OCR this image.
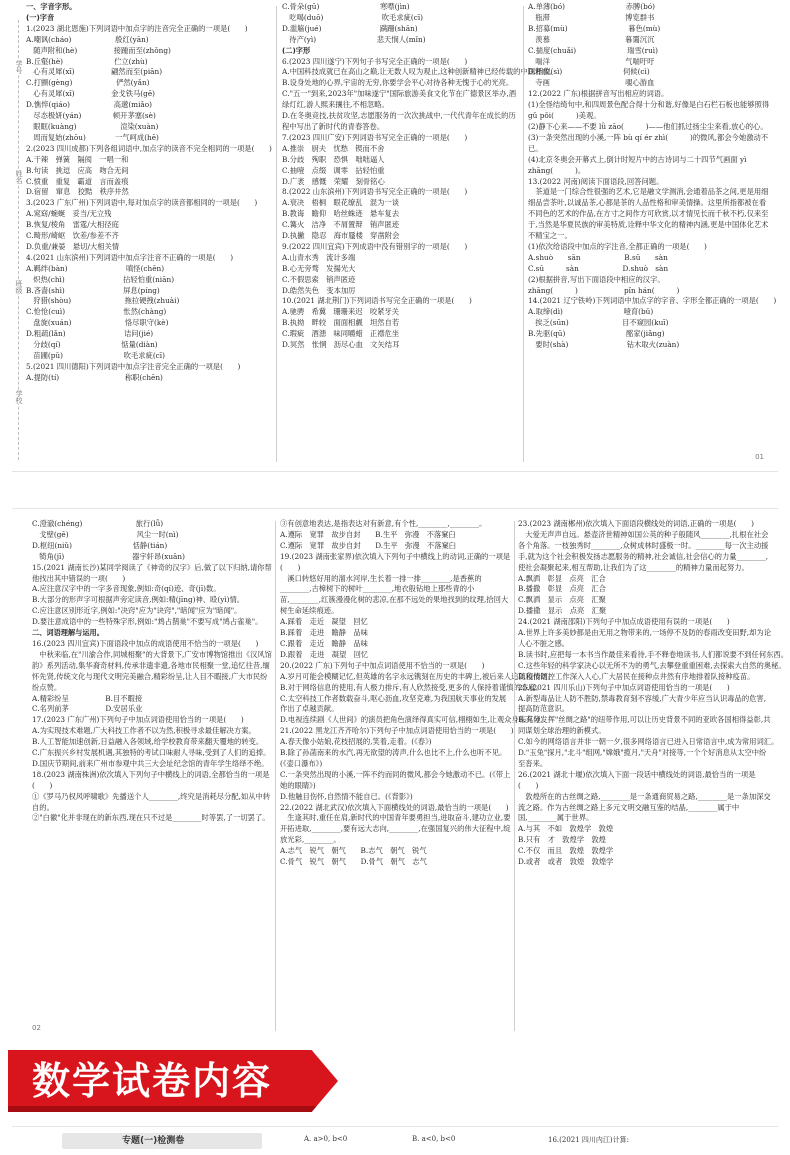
学号
姓名
班级
学校
一、字音字形。
(一)字音
1.(2023 湖北恩施)下列词语中加点字的注音完全正确的一项是(　　)
A.嘲讽(cháo)　　　　　　殷红(yān)
　随声附和(hè)　　　　　接踵而至(zhǒng)
B.丘壑(hè)　　　　　　　伫立(zhù)
　心有灵犀(xī)　　　　　翩然而至(piān)
C.打颤(gèng)　　　　　　俨然(yǎn)
　心有灵犀(xī)　　　　　金戈铁马(gē)
D.憔悴(qiáo)　　　　　　高邈(miǎo)
　尽态极妍(yán)　　　　 顿开茅塞(sè)
　眼眶(kuàng)　　　　　　渲染(xuàn)
　周而复始(zhōu)　　　　一气呵成(hē)
2.(2023 四川成都)下列各组词语中,加点字的读音不完全相同的一项是(　　)
A.干辣　弹簧　隔阂　一唱一和
B.句读　挑逗　应高　吻合无间
C.愤重　重复　霸道　言而盖痕
D.宿留　窜息　狡黠　秩序井然
3.(2023 广东广州)下列词语中,每对加点字的读音都相同的一项是(　　)
A.窕窈/蜿蜒　妥当/无立残
B.恢复/棱角　雷霆/大相径庭
C.畸形/崎岖　饮差/参差不齐
D.负重/兼晏　悬切/大相关情
4.(2021 山东滨州)下列词语中加点字注音不正确的一项是(　　)
A.羁绊(bàn)　　　　　　　　嗔怪(chēn)
　炽热(chì)　　　　　　　　拈轻怕重(niān)
B.吝啬(shì)　　　　　　　　屏息(píng)
　狩猎(shòu)　　　　　　　 拖拉硬拽(zhuài)
C.怆怆(cuì)　　　　　　　　怅然(chàng)
　盘旋(xuán)　　　　　　　 恪尽职守(kè)
D.粗疏(lǎn)　　　　　　　　诘问(jié)
　分歧(qí)　　　　　　　　 惦量(diàn)
　苗圃(pǔ)　　　　　　　　 吹毛求疵(cī)
5.(2021 四川德阳)下列词语中加点字注音完全正确的一项是(　　)
A.提防(tí)　　　　　　　　　称职(chēn)
C.骨朵(gū)　　　　　　　　 寒噤(jìn)
　吃喝(duō)　　　　　　　　吹毛求疵(cī)
D.滥觞(jué)　　　　　　　　蹒跚(shān)
　待产(yì)　　　　　　　　 悲天悯人(mǐn)
(二)字形
6.(2023 四川遂宁)下列句子书写完全正确的一项是(　　)
A.中国科技成就已在高山之巅,让无数人叹为观止,这种创新精神已经传载的中国释放。
B.设身处地的心界,宇宙的无穷,你要学会平心对待各种无愧于心的光亮。
C."五一"到来,2023年"加味遂宁"国际旅游美食文化节在广德景区举办,酒绿灯红,游人熙来攘往,不相忽略。
D.在冬奥竞技,扶贫攻坚,志愿服务的一次次挑战中,一代代青年在成长的历程中写出了新时代的青春答卷。
7.(2023 四川广安)下列词语书写完全正确的一项是(　　)
A.推崇　厨夫　忧愁　锲而不舍
B.分歧　殉职　恐惧　咄咄逼人
C.抽噎　点缀　调零　拈轻怕重
D.广袤　感慨　荣耀　刻骨铭心
8.(2022 山东滨州)下列词语书写完全正确的一项是(　　)
A.衰决　梧桐　眼花缭乱　混为一谈
B.教诲　瞻仰　哈丝蛛迹　悬车复去
C.篝火　洁净　不屑置辩　销声匿迹
D.执撇　隐忍　海市蜃楼　穿凿附会
9.(2022 四川宜宾)下列成语中没有错别字的一项是(　　)
A.山青水秀　流计多端
B.心无旁骛　发揚光大
C.不假思索　销声匿迹
D.皓然失色　变本加厉
10.(2021 湖北荆门)下列词语书写完全正确的一项是(　　)
A.驰骋　希冀　珊珊来迟　咬紧牙关
B.执拗　畔较　面面相觑　坦然自若
C.瑕疵　酒漶　味同嚼蜡　正襟危坐
D.冥然　怅惘　沥尽心血　文矢结耳
A.单薄(bó)　　　　　　　　 赤膊(bó)
　瓶滞　　　　　　　　　　 博览群书
B.招募(mù)　　　　　　　　 暮色(mù)
　羡慕　　　　　　　　　　 暮霭沉沉
C.揣度(chuǎi)　　　　　　　瑞雪(ruì)
　喘洋　　　　　　　　　　 气喘吁吁
D.相似(sì)　　　　　　　　 伺候(cì)
　寺画　　　　　　　　　　 覗心游血
12.(2022 广东)根据拼音写出相应的词语。
(1)全怪结绮句中,和四周景色配合得十分和谐,好像是白石栏石板也能够照得 gǔ pǒi(　　　)美观。
(2)静下心来——不要 lǜ zāo(　　　)——他们抓过扬尘尘来看,放心的心。
(3)一条突然出现的小溪,一阵 bù qí ér zhì(　　　)的微风,都会今她激动不已。
(4)北京冬奥会开幕式上,倒计时短片中的古诗词与二十四节气画面 yì zhāng(　　　)。
13.(2022 河南)阅读下面语段,回答问题。
　茶道是一门综合性很强的艺术,它是融文学测消,会通着品茶之间,更是用细细品尝茶叶,以诚品茶,心都是茶的人品性格和审美情操。这里所指都被在看不同色的艺术的作品,在方寸之间作方可欣赏,以才情见长而千秋不朽,仅来至于,当然是华夏民族的审美特质,诠释中华文化的精神内涵,更是中国体化艺术不精宝之一。
(1)依次给语段中加点的字注音,全都正确的一项是(　　)
A.shuò　　sān　　　　　　B.sū　　sàn
C.sū　　　sàn　　　　　　D.shuò　sàn
(2)根据拼音,写出下面语段中相应的汉字。
zhāng(　　　)　　　　　　 pǐn hán(　　　)
14.(2021 辽宁铁岭)下列词语中加点字的字音、字形全都正确的一项是(　　)
A.取缔(dì)　　　　　　　　 噎育(bǔ)
　挨乏(sūn)　　　　　　　 目不窥园(kuī)
B.先驱(qū)　　　　　　　　 酩家(jiǎng)
　要时(shà)　　　　　　　　钻木取火(zuàn)
01
C.澄澈(chéng)　　　　　　　 旅行(lǚ)
　戈壁(gē)　　　　　　　　　 风尘一时(nì)
D.枢纽(niǔ)　　　　　　　　 恬静(tián)
　犄角(jī)　　　　　　　　　 器宇轩昂(xuān)
15.(2021 湖南长沙)某同学阅读了《神奇的汉字》后,做了以下归纳,请你帮他找出其中错误的一项(　　)
A.应注意汉字中的一字多音现象,例如:奇(qí)迹、奇(jī)数。
B.大部分的形声字可根据声旁定读音,例如:精(jīng)神、殴(yì)情。
C.应注意区别形近字,例如:"决窍"应为"诀窍","暗闻"应为"暗闻"。
D.要注意成语中的一些特殊字形,例如:"鸩占鹊巢"不要写成"鸠占雀巢"。
二、词语理解与运用。
16.(2023 四川宜宾)下面语段中加点的成语使用不恰当的一项是(　　)
　中秋来临,在"川渝合作,同城相聚"的大背景下,广安市博物馆推出《汉风馆韵》系列活动,集华裔奇材料,传承非遗非遗,各地市民相聚一堂,追忆往昔,缅怀先贤,传统文化与现代文明完美融合,精彩纷呈,让人目不暇接,广大市民纷纷点赞。
A.精彩纷呈　　　　　B.目不暇接
C.名列前茅　　　　　D.安居乐业
17.(2023 广东广州)下列句子中加点词语使用恰当的一项是(　　)
A.为实现技术难题,广大科技工作者不以为然,积极寻求最佳解决方案。
B.人工智能加速创新,日益融入各领域,给学校教育带来翻天覆地的转变。
C.广东振兴乡村发展机遇,其独特的考试口味耐人寻味,受到了人们的追捧。
D.国庆节期间,前来广州市参观中共三大会址纪念馆的青年学生络绎不绝。
18.(2023 湖南株洲)依次填入下列句子中横线上的词语,全都恰当的一项是(　　)
①《罗马乃权风呼啸歌》先播送个人________,终究是消耗尽分配,如从中转自的。
②"白徽"化并非现在的新东西,现在只不过是________时等罢,了一切罢了。
③有创意地表达,是指表达对有新意,有个性,________,________。
A.遵际　宽罪　故步自封　　B.生平　弥漫　不落窠臼
C.遵际　宽罪　故步自封　　D.生平　弥漫　不落窠臼
19.(2023 湖南张家界)依次填入下列句子中横线上的动词,正确的一项是(　　)
　溪口转悠好用的溜水河岸,生长着一排一排________,是香蕉的________,古樟树下的树叶________,地衣般钻地上那些青的小苗,________,红簇漫漫化树的悲凉,在那不远处的果地找到的纹理,拾回大树生命延续痕迹。
A.踩着　走近　凝望　回忆
B.踩着　走进　瞻静　品味
C.跟着　走近　瞻静　品味
D.跟着　走进　凝望　回忆
20.(2022 广东)下列句子中加点词语使用不恰当的一项是(　　)
A.岁月可能会模糊记忆,但英雄的名字永远镌刻在历史的丰碑上,被后来人追随和传颂。
B.对于网络信息的使用,有人极力排斥,有人欣然接受,更多的人保持着谨慎的态度。
C.太空科技工作者数载奋斗,呕心沥血,攻坚克难,为我国航天事业的发展作出了卓越贡献。
D.电视连续剧《人世间》的演员把角色演绎得真实可信,栩栩如生,让观众身临其境。
21.(2022 黑龙江齐齐哈尔)下列句子中加点词语使用恰当的一项是(　　)
A.春天像小姑娘,花枝招展的,笑着,走着。(《春》)
B.除了孙菡南来的水汽,再无欲望的涛声,什么也比不上,什么也听不见。(《壶口瀑布》)
C.一条突然出现的小溪,一阵不约而同的微风,都会今她激动不已。(《带上她的眼睛》)
D.他触目伤怀,自然情不能自已。(《背影》)
22.(2022 湖北武汉)依次填入下面横线处的词语,最恰当的一项是(　　)
　生逢其时,重任在肩,新时代的中国青年要勇担当,进取奋斗,建功立业,要开拓进取,________,要有远大志向,________,在强国复兴的伟大征程中,绽放光彩,________。
A.志气　锐气　朝气　　B.志气　朝气　锐气
C.骨气　锐气　朝气　　D.骨气　朝气　志气
23.(2023 湖南郴州)依次填入下面语段横线处的词语,正确的一项是(　　)
　大爱无声声自远。悬壶济世精神如国公英的种子般随风________,扎根在社会各个角落。一枝独秀时________,众树成林时盛极一时。________每一次主动援手,就为这个社会积极发扬志愿服务的精神,社会诚信,社会信心的力量________,使社会凝聚起来,相互帮助,让我们为了这________的精神力量而起努力。
A.飘洒　彰显　点亮　汇合
B.播撒　彰显　点亮　汇合
C.飘洒　显示　点亮　汇聚
D.播撒　显示　点亮　汇聚
24.(2021 湖南邵阳)下列句子中加点成语使用有误的一项是(　　)
A.世界上许多美妙都是由无用之物带来的,一场停不及防的春雨改变田野,却为论人心不脏之感。
B.读书时,应把每一本书当作最佳来看待,手不释卷地读书,人们都说要不到任何东西。
C.这些年轻的科学家决心以无所不为的勇气,去攀登重重困难,去探索大自然的奥秘。
D.疫情防控工作深入人心,广大居民在接种点井然有序地排着队接种疫苗。
25.(2021 四川乐山)下列句子中加点词语使用恰当的一项是(　　)
A.新型毒品让人防不胜防,禁毒教育刻不容缓,广大青少年应当认识毒品的危害,提高防范意识。
B.充分发挥"丝绸之路"的纽带作用,可以让历史背景不同的亚欧各国相得益彰,共同谋划全球治理的新模式。
C.如今的网络语言并非一朝一夕,很多网络语言已进入日常语言中,成为常用词汇。
D."玉兔"探月,"北斗"组网,"嫦娥"揽月,"天舟"对接等,一个个好消息从太空中纷至沓来。
26.(2021 湖北十堰)依次填入下面一段话中横线处的词语,最恰当的一项是(　　)
　敦煌所在的古丝绸之路,________是一条通商贸易之路,________是一条加深交流之路。作为古丝绸之路上多元文明交融互鉴的结晶,________属于中国,________属于世界。
A.与其　不如　敦煌学　敦煌
B.只有　才　敦煌学　敦煌
C.不仅　而且　敦煌　敦煌学
D.或者　或者　敦煌　敦煌学
02
数学试卷内容
专题(一)检测卷	A. a>0, b<0	B. a<0, b<0	16.(2021 四川内江)计算:
